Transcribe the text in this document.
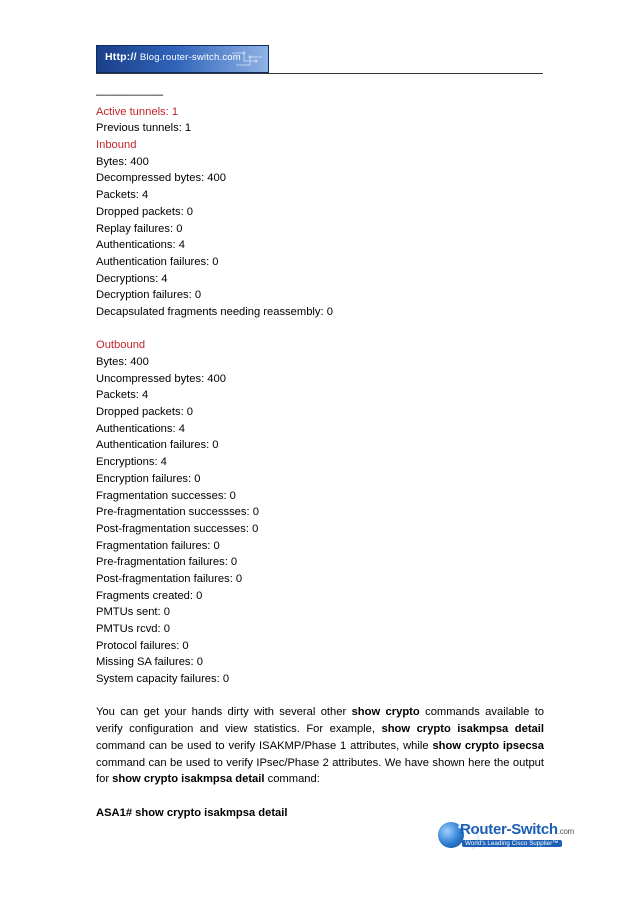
Http:// Blog.router-switch.com
——————
Active tunnels: 1
Previous tunnels: 1
Inbound
Bytes: 400
Decompressed bytes: 400
Packets: 4
Dropped packets: 0
Replay failures: 0
Authentications: 4
Authentication failures: 0
Decryptions: 4
Decryption failures: 0
Decapsulated fragments needing reassembly: 0
Outbound
Bytes: 400
Uncompressed bytes: 400
Packets: 4
Dropped packets: 0
Authentications: 4
Authentication failures: 0
Encryptions: 4
Encryption failures: 0
Fragmentation successes: 0
Pre-fragmentation successses: 0
Post-fragmentation successes: 0
Fragmentation failures: 0
Pre-fragmentation failures: 0
Post-fragmentation failures: 0
Fragments created: 0
PMTUs sent: 0
PMTUs rcvd: 0
Protocol failures: 0
Missing SA failures: 0
System capacity failures: 0
You can get your hands dirty with several other show crypto commands available to verify configuration and view statistics. For example, show crypto isakmpsa detail command can be used to verify ISAKMP/Phase 1 attributes, while show crypto ipsecsa command can be used to verify IPsec/Phase 2 attributes. We have shown here the output for show crypto isakmpsa detail command:
ASA1# show crypto isakmpsa detail
Router-Switch.com
World's Leading Cisco Supplier™
